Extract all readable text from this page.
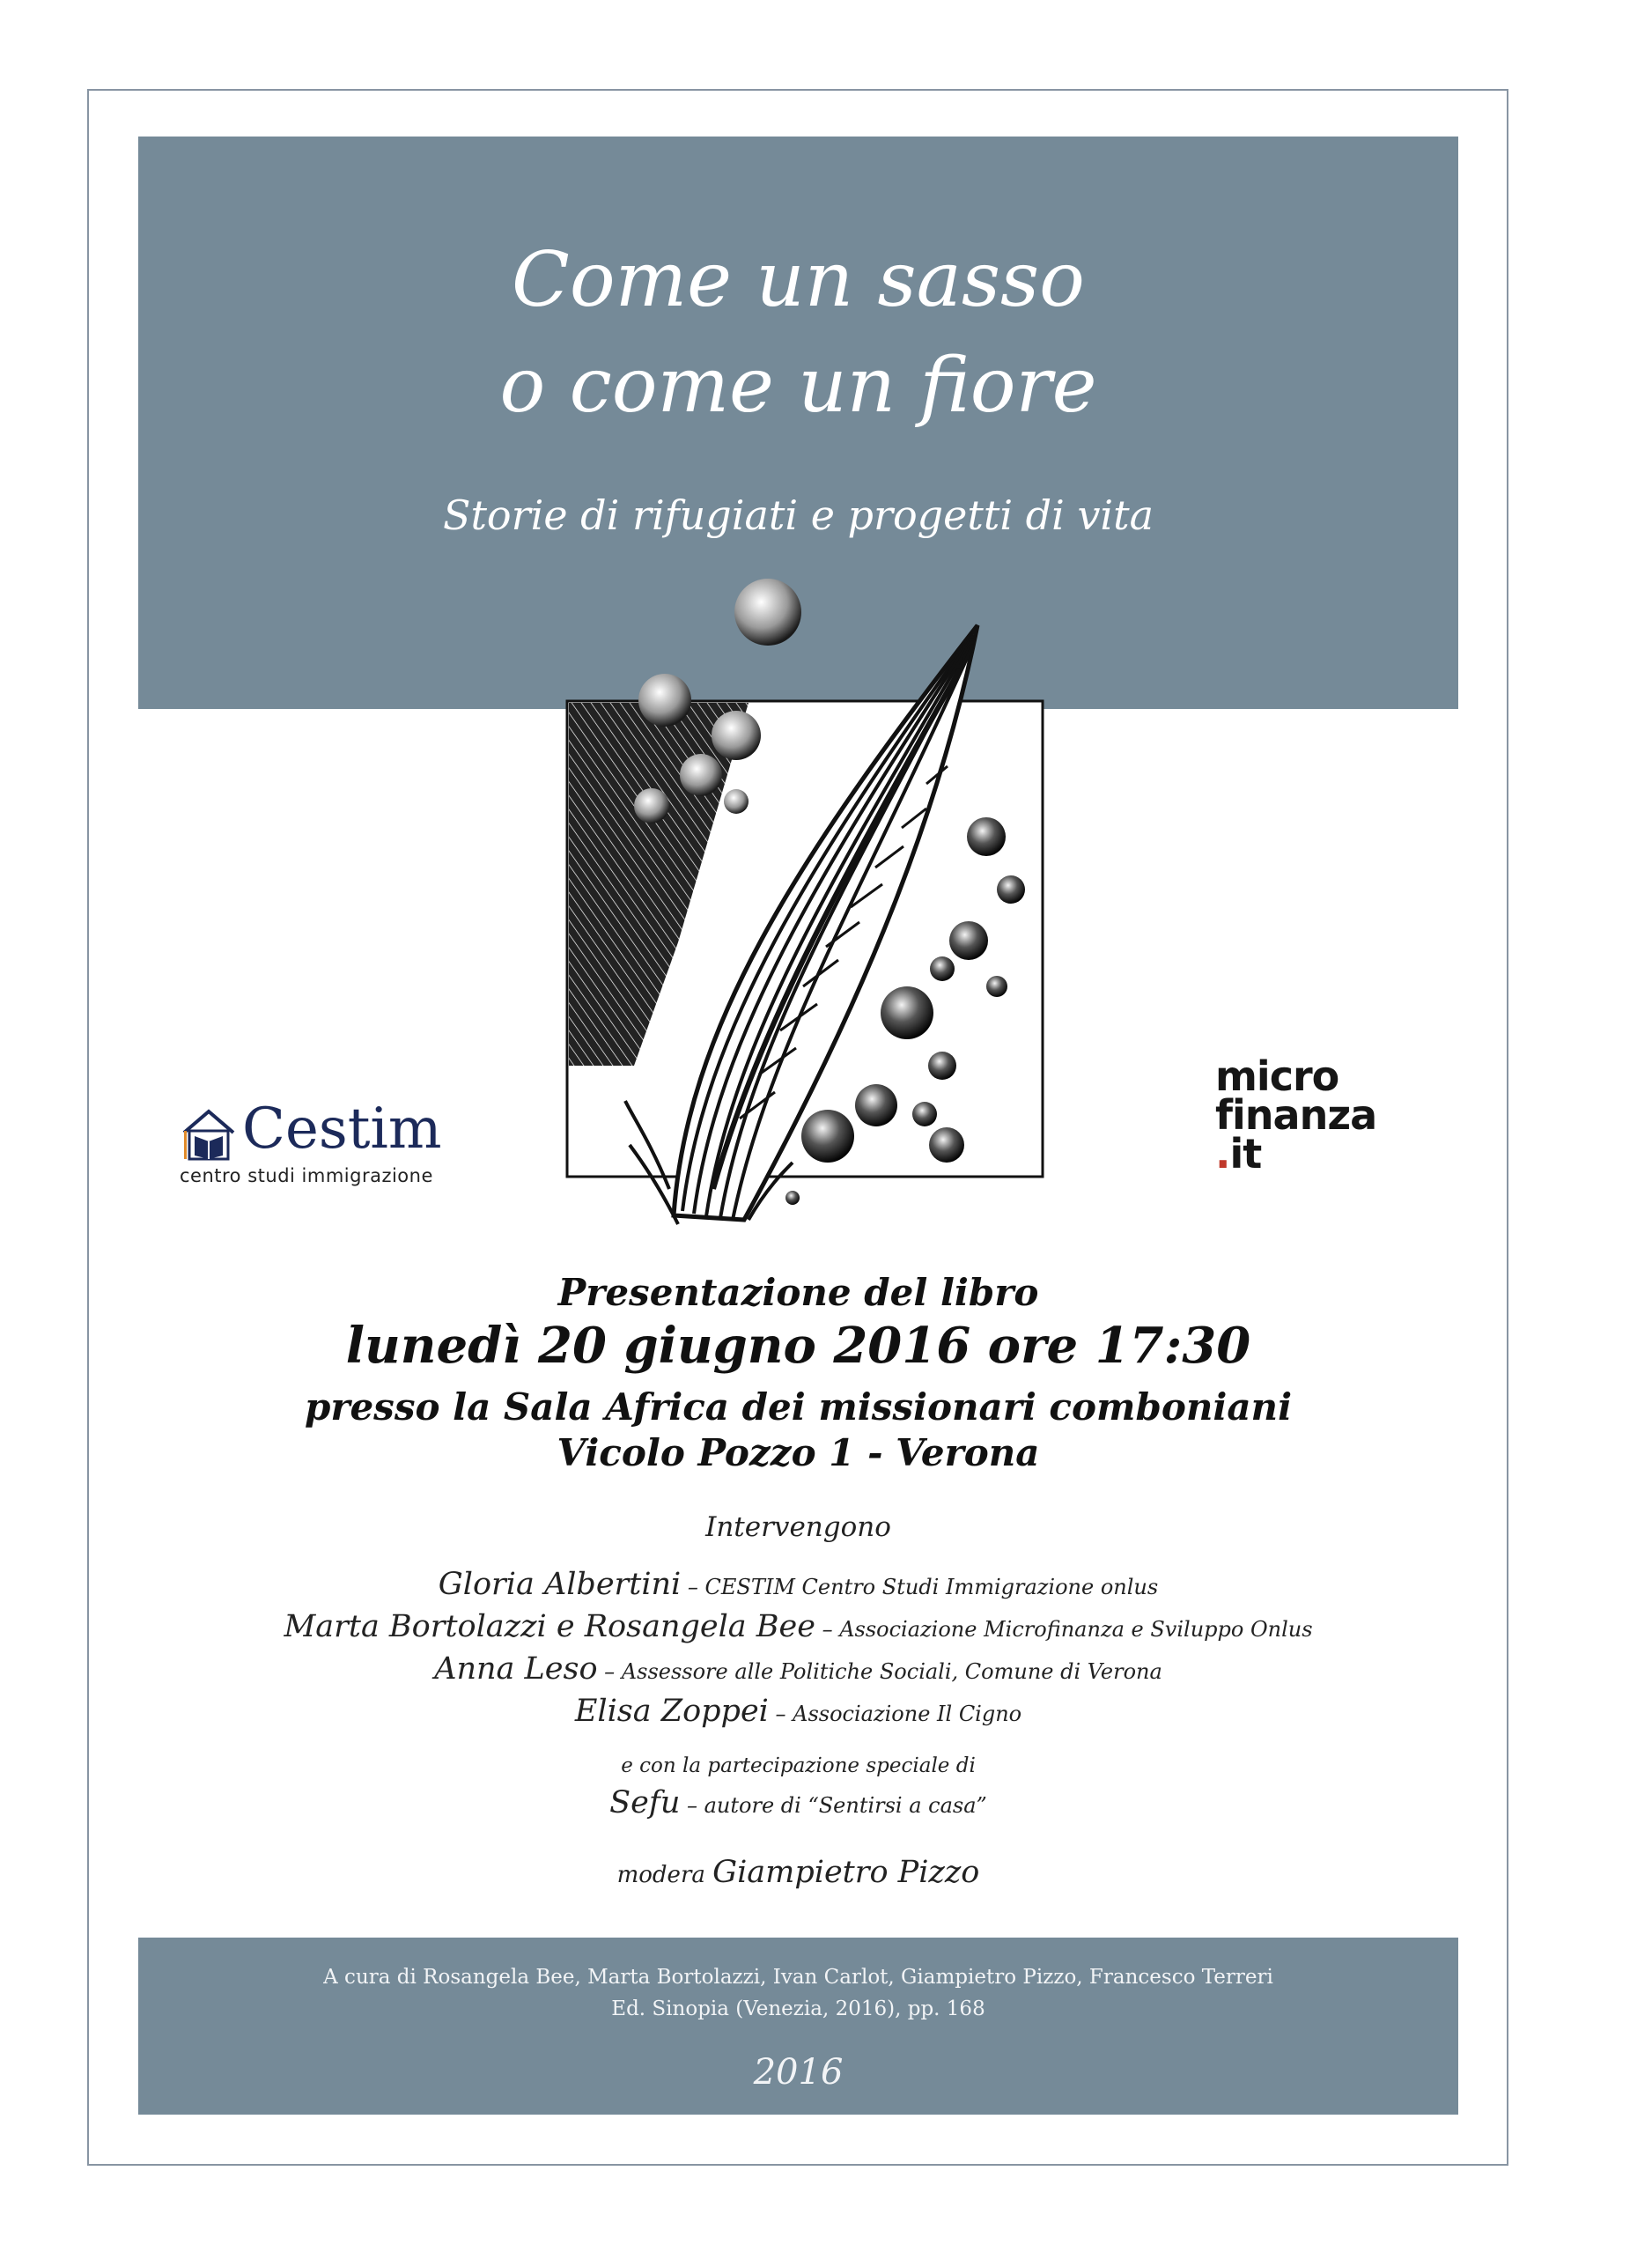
Come un sasso
o come un fiore
Storie di rifugiati e progetti di vita
Cestim
centro studi immigrazione
micro
finanza
.it
Presentazione del libro
lunedì 20 giugno 2016 ore 17:30
presso la Sala Africa dei missionari comboniani
Vicolo Pozzo 1 - Verona
Intervengono
Gloria Albertini – CESTIM Centro Studi Immigrazione onlus
Marta Bortolazzi e Rosangela Bee – Associazione Microfinanza e Sviluppo Onlus
Anna Leso – Assessore alle Politiche Sociali, Comune di Verona
Elisa Zoppei – Associazione Il Cigno
e con la partecipazione speciale di
Sefu – autore di “Sentirsi a casa”
modera Giampietro Pizzo
A cura di Rosangela Bee, Marta Bortolazzi, Ivan Carlot, Giampietro Pizzo, Francesco Terreri
Ed. Sinopia (Venezia, 2016), pp. 168
2016
